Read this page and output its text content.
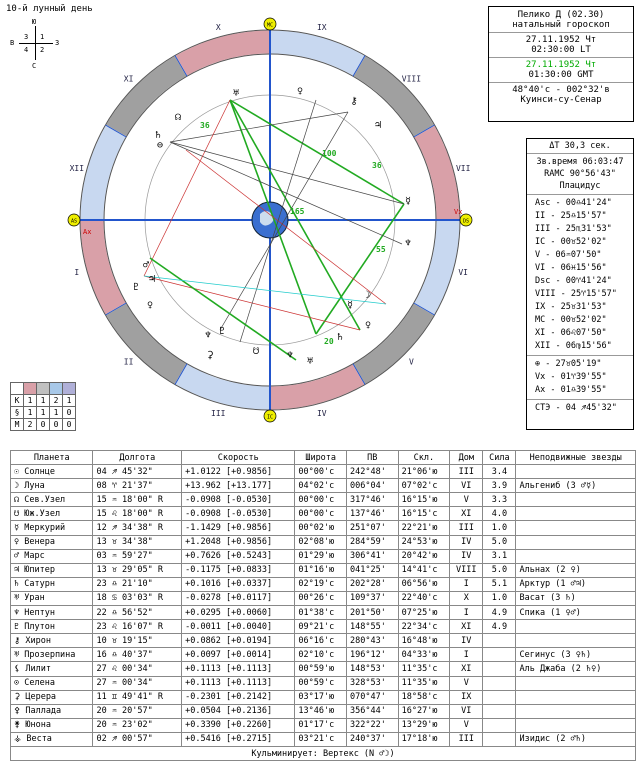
10-й лунный день
Ю
С
В	З
3 1
4 2
Пелико Д (02.30)
натальный гороскоп
27.11.1952 Чт
02:30:00 LT
27.11.1952 Чт
01:30:00 GMT
48°40'с - 002°32'в
Куинси-су-Сенар
ΔT 30,3 сек.
Зв.время 06:03:47
RAMC 90°56'43"
Плацидус
Asc - 00♎41'24"
II - 25♎15'57"
III - 25♏31'53"
IC - 00♉52'02"
V - 06♒07'50"
VI - 06♓15'56"
Dsc - 00♈41'24"
VIII - 25♈15'57"
IX - 25♉31'53"
MC - 00♉52'02"
XI - 06♌07'50"
XII - 06♍15'56"
⊕ - 27♉05'19"
Vx - 01♈39'55"
Ax - 01♎39'55"
СТЭ - 04 ♐45'32"
X	IX
VIII
VII
VI
V
IV
III
II
I
XII
XI
AS	DS
MC
IC
Vx
Ax
36
100
36
165
55
20
♅
☊
♀
⚷
♃
☿
♆
☽
♀
♄
♅
♆
☋
⚳
♂
♇
♃
♄
⊖
☿
♆
♀
♇

К	1	1	2	1
§	1	1	1	0
М	2	0	0	0
Планета	Долгота	Скорость	Широта	ПВ	Скл.	Дом	Сила	Неподвижные звезды
☉ Солнце	04 ♐ 45'32"	+1.0122 [+0.9856]	00°00'с	242°48'	21°06'ю	III	3.4	
☽ Луна	08 ♈ 21'37"	+13.962 [+13.177]	04°02'с	006°04'	07°02'с	VI	3.9	Альгениб (3 ♂☿)
☊ Сев.Узел	15 ♒ 18'00" R	-0.0908 [-0.0530]	00°00'с	317°46'	16°15'ю	V	3.3	
☋ Юж.Узел	15 ♌ 18'00" R	-0.0908 [-0.0530]	00°00'с	137°46'	16°15'с	XI	4.0	
☿ Меркурий	12 ♐ 34'38" R	-1.1429 [+0.9856]	00°02'ю	251°07'	22°21'ю	III	1.0	
♀ Венера	13 ♉ 34'38"	+1.2048 [+0.9856]	02°08'ю	284°59'	24°53'ю	IV	5.0	
♂ Марс	03 ♒ 59'27"	+0.7626 [+0.5243]	01°29'ю	306°41'	20°42'ю	IV	3.1	
♃ Юпитер	13 ♉ 29'05" R	-0.1175 [+0.0833]	01°16'ю	041°25'	14°41'с	VIII	5.0	Альнах (2 ♀)
♄ Сатурн	23 ♎ 21'10"	+0.1016 [+0.0337]	02°19'с	202°28'	06°56'ю	I	5.1	Арктур (1 ♂♃)
♅ Уран	18 ♋ 03'03" R	-0.0278 [+0.0117]	00°26'с	109°37'	22°40'с	X	1.0	Васат (3 ♄)
♆ Нептун	22 ♎ 56'52"	+0.0295 [+0.0060]	01°38'с	201°50'	07°25'ю	I	4.9	Спика (1 ♀♂)
♇ Плутон	23 ♌ 16'07" R	-0.0011 [+0.0040]	09°21'с	148°55'	22°34'с	XI	4.9	
⚷ Хирон	10 ♉ 19'15"	+0.0862 [+0.0194]	06°16'с	280°43'	16°48'ю	IV		
♅ Прозерпина	16 ♎ 40'37"	+0.0097 [+0.0014]	02°10'с	196°12'	04°33'ю	I		Сегинус (3 ♀♄)
⚸ Лилит	27 ♌ 00'34"	+0.1113 [+0.1113]	00°59'ю	148°53'	11°35'с	XI		Аль Джаба (2 ♄♀)
⊙ Селена	27 ♒ 00'34"	+0.1113 [+0.1113]	00°59'с	328°53'	11°35'ю	V		
⚳ Церера	11 ♊ 49'41" R	-0.2301 [+0.2142]	03°17'ю	070°47'	18°58'с	IX		
⚴ Паллада	20 ♒ 20'57"	+0.0504 [+0.2136]	13°46'ю	356°44'	16°27'ю	VI		
⚵ Юнона	20 ♒ 23'02"	+0.3390 [+0.2260]	01°17'с	322°22'	13°29'ю	V		
⚶ Веста	02 ♐ 00'57"	+0.5416 [+0.2715]	03°21'с	240°37'	17°18'ю	III		Изидис (2 ♂♄)
Кульминирует: Вертекс (N ♂☽)								
